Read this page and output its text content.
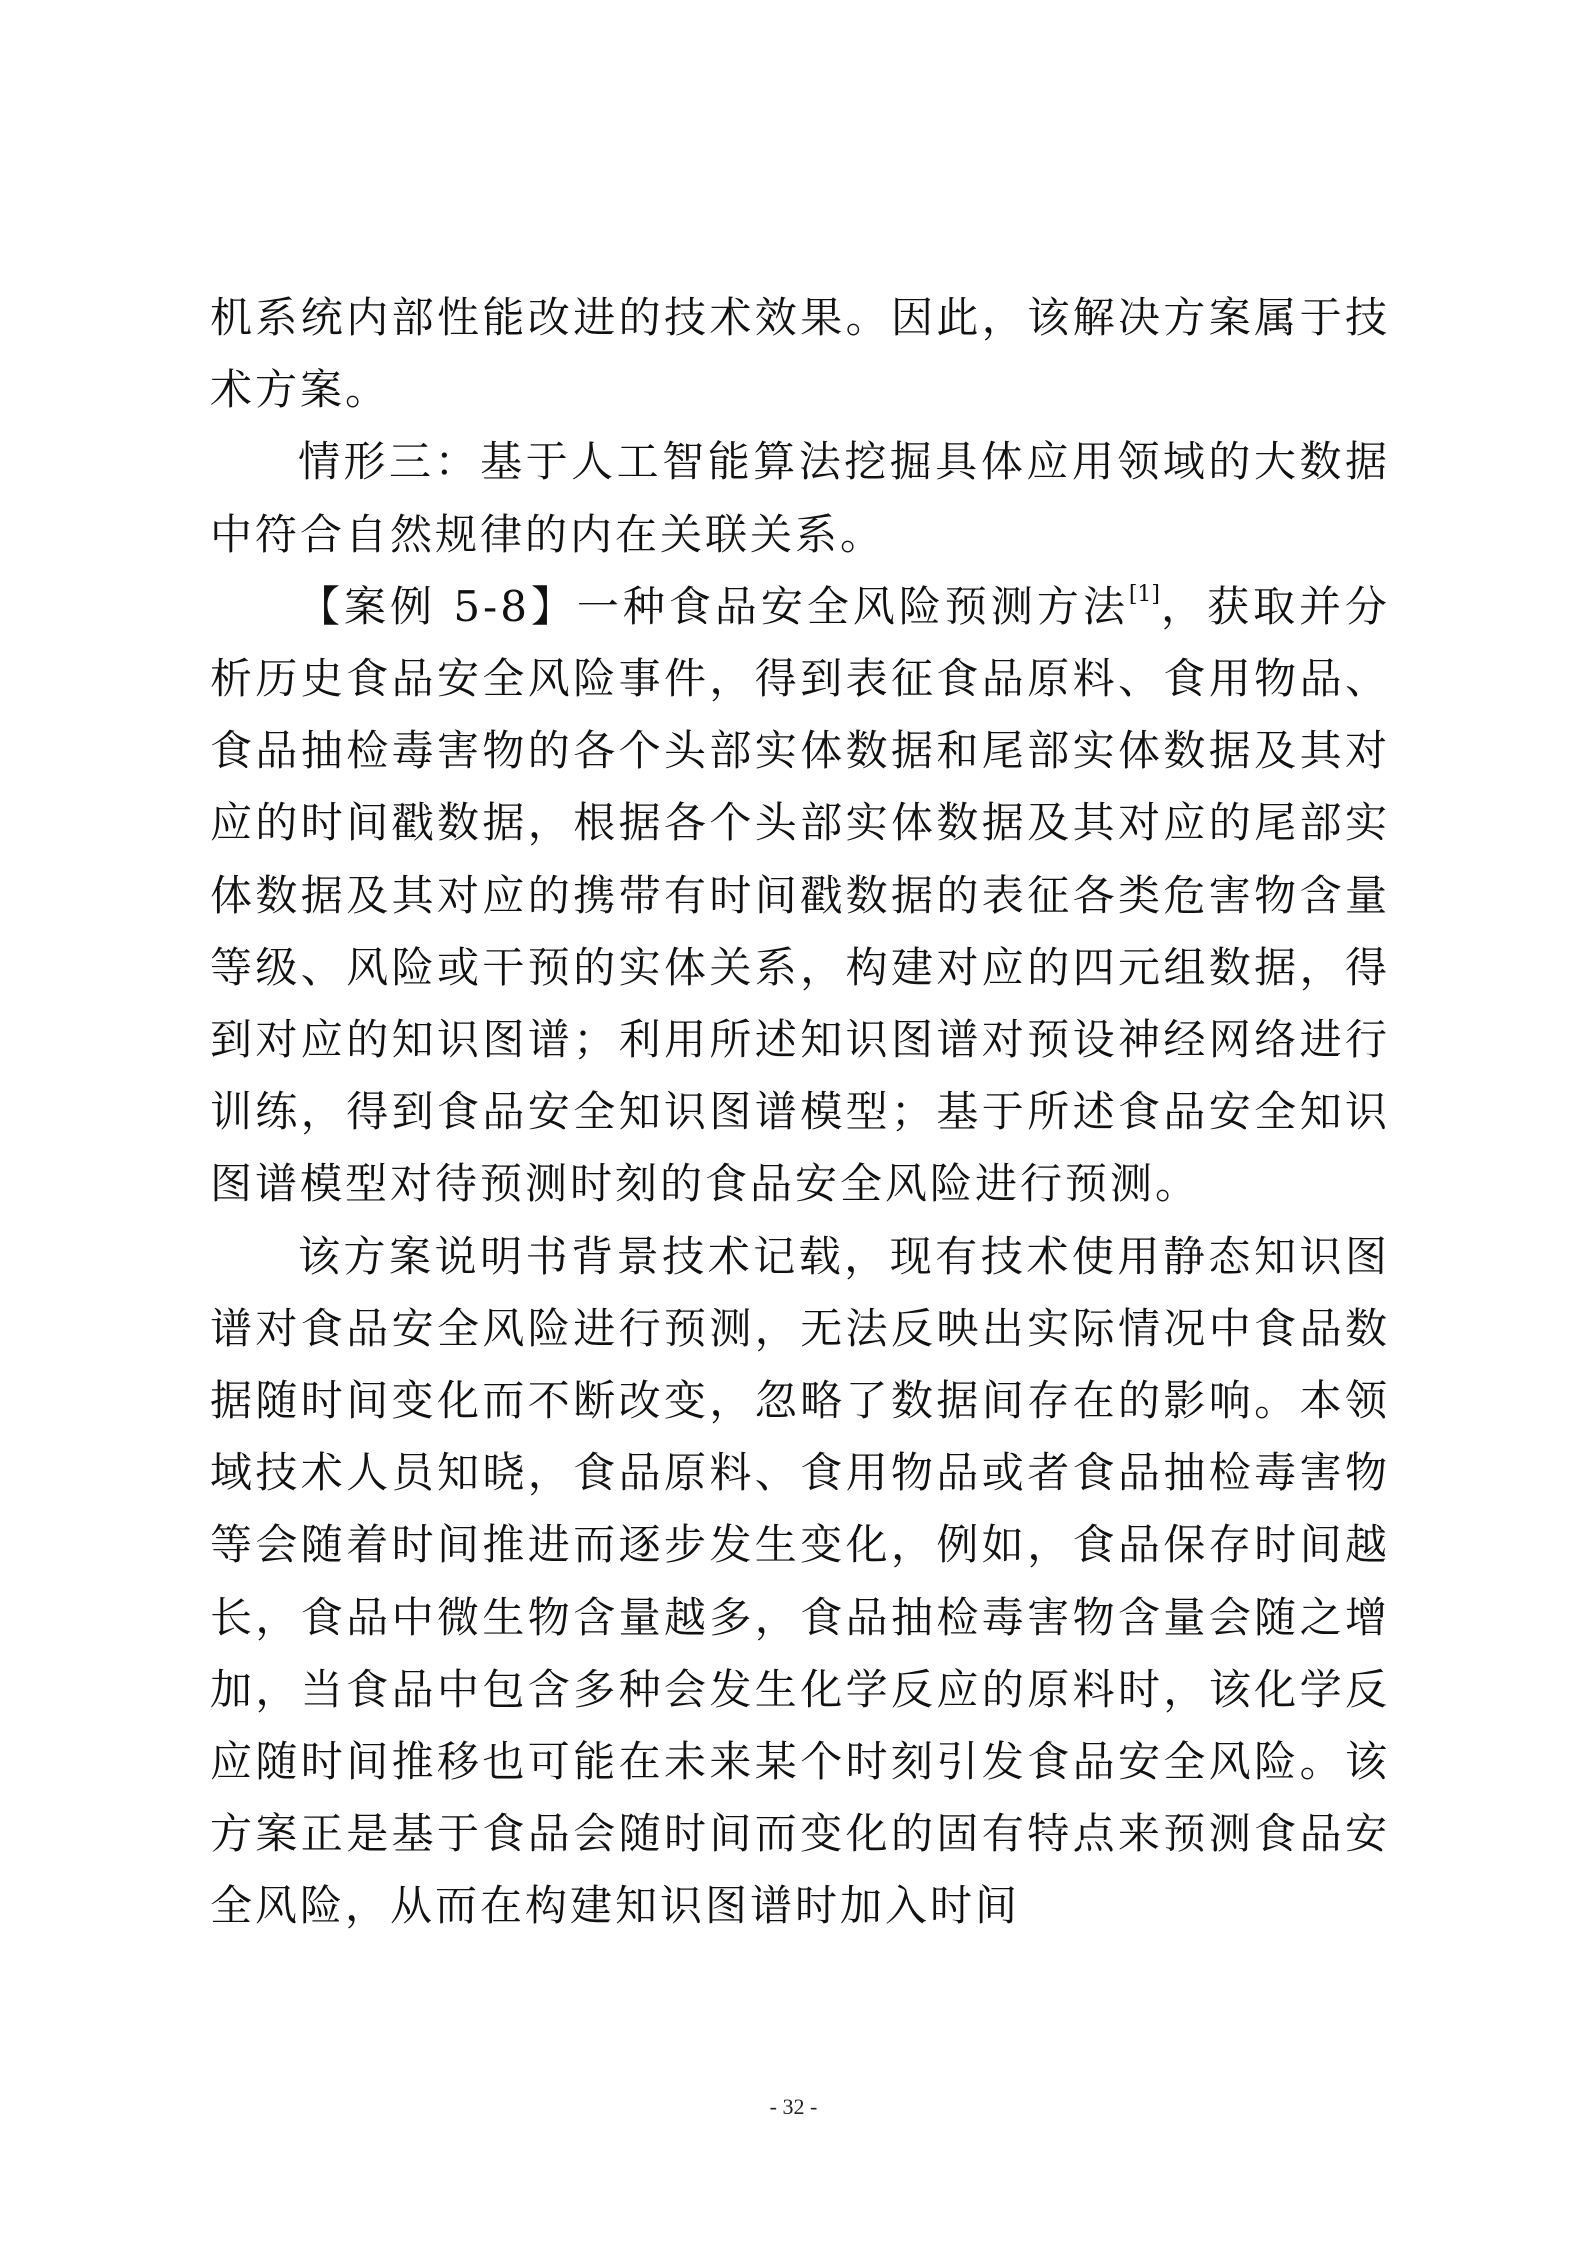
机系统内部性能改进的技术效果。因此，该解决方案属于技术方案。

情形三：基于人工智能算法挖掘具体应用领域的大数据中符合自然规律的内在关联关系。

【案例 5-8】一种食品安全风险预测方法[1]，获取并分析历史食品安全风险事件，得到表征食品原料、食用物品、食品抽检毒害物的各个头部实体数据和尾部实体数据及其对应的时间戳数据，根据各个头部实体数据及其对应的尾部实体数据及其对应的携带有时间戳数据的表征各类危害物含量等级、风险或干预的实体关系，构建对应的四元组数据，得到对应的知识图谱；利用所述知识图谱对预设神经网络进行训练，得到食品安全知识图谱模型；基于所述食品安全知识图谱模型对待预测时刻的食品安全风险进行预测。

该方案说明书背景技术记载，现有技术使用静态知识图谱对食品安全风险进行预测，无法反映出实际情况中食品数据随时间变化而不断改变，忽略了数据间存在的影响。本领域技术人员知晓，食品原料、食用物品或者食品抽检毒害物等会随着时间推进而逐步发生变化，例如，食品保存时间越长，食品中微生物含量越多，食品抽检毒害物含量会随之增加，当食品中包含多种会发生化学反应的原料时，该化学反应随时间推移也可能在未来某个时刻引发食品安全风险。该方案正是基于食品会随时间而变化的固有特点来预测食品安全风险，从而在构建知识图谱时加入时间

- 32 -
